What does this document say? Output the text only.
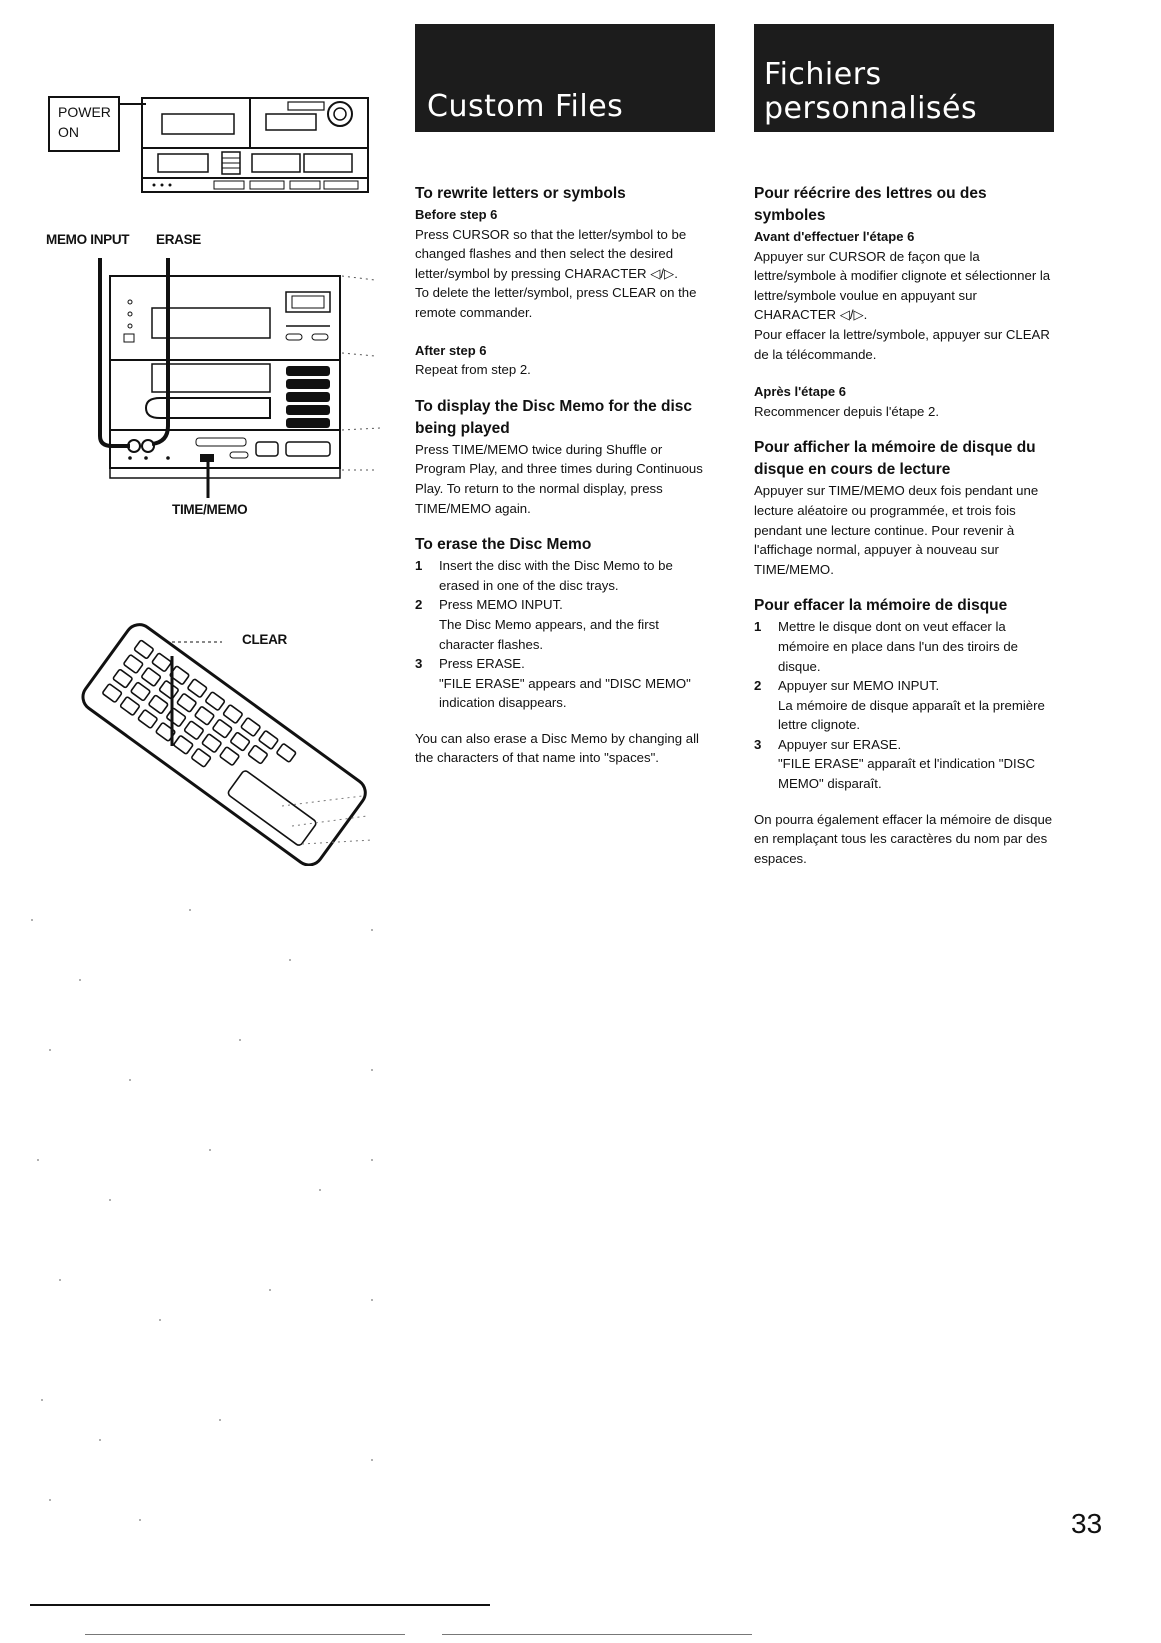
POWER
ON
MEMO INPUT ERASE
TIME/MEMO
CLEAR
Custom Files
To rewrite letters or symbols

Before step 6

Press CURSOR so that the letter/symbol to be changed flashes and then select the desired letter/symbol by pressing CHARACTER ◁/▷.

To delete the letter/symbol, press CLEAR on the remote commander.

After step 6

Repeat from step 2.

To display the Disc Memo for the disc being played

Press TIME/MEMO twice during Shuffle or Program Play, and three times during Continuous Play. To return to the normal display, press TIME/MEMO again.

To erase the Disc Memo
1 Insert the disc with the Disc Memo to be erased in one of the disc trays.
2 Press MEMO INPUT.
The Disc Memo appears, and the first character flashes.
3 Press ERASE.
"FILE ERASE" appears and "DISC MEMO" indication disappears.

You can also erase a Disc Memo by changing all the characters of that name into "spaces".

Fichiers
personnalisés
Pour réécrire des lettres ou des symboles

Avant d'effectuer l'étape 6

Appuyer sur CURSOR de façon que la lettre/symbole à modifier clignote et sélectionner la lettre/symbole voulue en appuyant sur CHARACTER ◁/▷.

Pour effacer la lettre/symbole, appuyer sur CLEAR de la télécommande.

Après l'étape 6

Recommencer depuis l'étape 2.

Pour afficher la mémoire de disque du disque en cours de lecture

Appuyer sur TIME/MEMO deux fois pendant une lecture aléatoire ou programmée, et trois fois pendant une lecture continue. Pour revenir à l'affichage normal, appuyer à nouveau sur TIME/MEMO.

Pour effacer la mémoire de disque
1 Mettre le disque dont on veut effacer la mémoire en place dans l'un des tiroirs de disque.
2 Appuyer sur MEMO INPUT.
La mémoire de disque apparaît et la première lettre clignote.
3 Appuyer sur ERASE.
"FILE ERASE" apparaît et l'indication "DISC MEMO" disparaît.

On pourra également effacer la mémoire de disque en remplaçant tous les caractères du nom par des espaces.

33
